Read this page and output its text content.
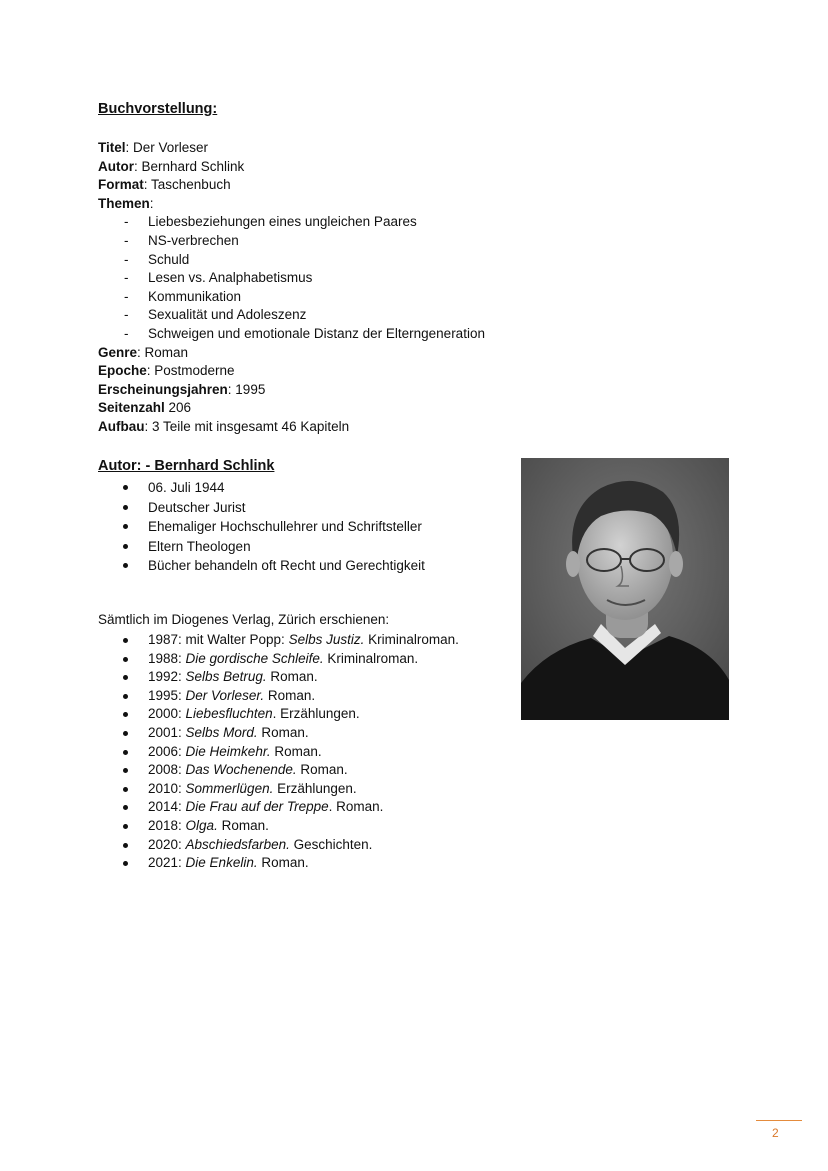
Buchvorstellung:
Titel: Der Vorleser
Autor: Bernhard Schlink
Format: Taschenbuch
Themen:
- Liebesbeziehungen eines ungleichen Paares
- NS-verbrechen
- Schuld
- Lesen vs. Analphabetismus
- Kommunikation
- Sexualität und Adoleszenz
- Schweigen und emotionale Distanz der Elterngeneration
Genre: Roman
Epoche: Postmoderne
Erscheinungsjahren: 1995
Seitenzahl 206
Aufbau: 3 Teile mit insgesamt 46 Kapiteln
Autor: - Bernhard Schlink
06. Juli 1944
Deutscher Jurist
Ehemaliger Hochschullehrer und Schriftsteller
Eltern Theologen
Bücher behandeln oft Recht und Gerechtigkeit
Sämtlich im Diogenes Verlag, Zürich erschienen:
1987: mit Walter Popp: Selbs Justiz. Kriminalroman.
1988: Die gordische Schleife. Kriminalroman.
1992: Selbs Betrug. Roman.
1995: Der Vorleser. Roman.
2000: Liebesfluchten. Erzählungen.
2001: Selbs Mord. Roman.
2006: Die Heimkehr. Roman.
2008: Das Wochenende. Roman.
2010: Sommerlügen. Erzählungen.
2014: Die Frau auf der Treppe. Roman.
2018: Olga. Roman.
2020: Abschiedsfarben. Geschichten.
2021: Die Enkelin. Roman.
2
